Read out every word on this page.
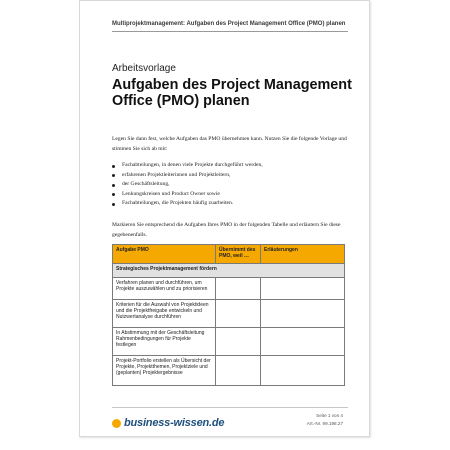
Multiprojektmanagement: Aufgaben des Project Management Office (PMO) planen
Arbeitsvorlage
Aufgaben des Project Management Office (PMO) planen
Legen Sie dann fest, welche Aufgaben das PMO übernehmen kann. Nutzen Sie die folgende Vorlage und stimmen Sie sich ab mit:
Fachabteilungen, in denen viele Projekte durchgeführt werden,
erfahrenen Projektleiterinnen und Projektleitern,
der Geschäftsleitung,
Lenkungskreisen und Product Owner sowie
Fachabteilungen, die Projekten häufig zuarbeiten.
Markieren Sie entsprechend die Aufgaben Ihres PMO in der folgenden Tabelle und erläutern Sie diese gegebenenfalls.
Aufgabe PMO	Übernimmt des PMO, weil …	Erläuterungen
Strategisches Projektmanagement fördern		
Verfahren planen und durchführen, um Projekte auszuwählen und zu priorisieren		
Kriterien für die Auswahl von Projektideen und die Projektfreigabe entwickeln und Nutzwertanalyse durchführen		
In Abstimmung mit der Geschäftsleitung Rahmenbedingungen für Projekte festlegen		
Projekt-Portfolio erstellen als Übersicht der Projekte, Projektthemen, Projektziele und (geplanten) Projektergebnisse		
business-wissen.de
Seite 1 von 4
Art.-Nr. 99.198.27
